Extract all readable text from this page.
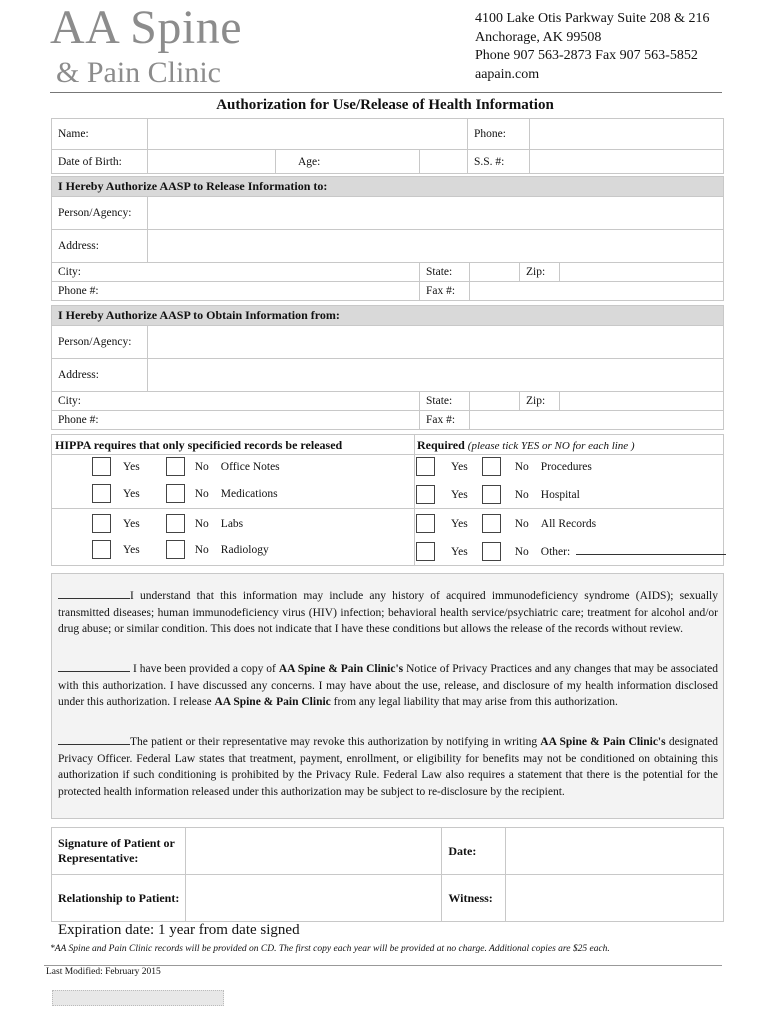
AA Spine
& Pain Clinic
4100 Lake Otis Parkway Suite 208 & 216
Anchorage, AK 99508
Phone 907 563-2873 Fax 907 563-5852
aapain.com
Authorization for Use/Release of Health Information
Name:				Phone:	
Date of Birth:		Age:		S.S. #:	
I Hereby Authorize AASP to Release Information to:					
Person/Agency:					
Address:					
City:		State:		Zip:	
Phone #:		Fax #:			
I Hereby Authorize AASP to Obtain Information from:					
Person/Agency:					
Address:					
City:		State:		Zip:	
Phone #:		Fax #:			
HIPPA requires that only specificied records be released	Required (please tick YES or NO for each line )
Yes	No Office Notes
Yes	No Medications
Yes	No Labs
Yes	No Radiology
Yes	No Procedures
Yes	No Hospital
Yes	No All Records
Yes	No Other:
I understand that this information may include any history of acquired immunodeficiency syndrome (AIDS); sexually transmitted diseases; human immunodeficiency virus (HIV) infection; behavioral health service/psychiatric care; treatment for alcohol and/or drug abuse; or similar condition. This does not indicate that I have these conditions but allows the release of the records without review.
I have been provided a copy of AA Spine & Pain Clinic's Notice of Privacy Practices and any changes that may be associated with this authorization. I have discussed any concerns. I may have about the use, release, and disclosure of my health information disclosed under this authorization. I release AA Spine & Pain Clinic from any legal liability that may arise from this authorization.
The patient or their representative may revoke this authorization by notifying in writing AA Spine & Pain Clinic's designated Privacy Officer. Federal Law states that treatment, payment, enrollment, or eligibility for benefits may not be conditioned on obtaining this authorization if such conditioning is prohibited by the Privacy Rule. Federal Law also requires a statement that there is the potential for the protected health information released under this authorization may be subject to re-disclosure by the recipient.
Signature of Patient or Representative:		Date:	
Relationship to Patient:		Witness:	
Expiration date: 1 year from date signed
*AA Spine and Pain Clinic records will be provided on CD. The first copy each year will be provided at no charge. Additional copies are $25 each.
Last Modified: February 2015
